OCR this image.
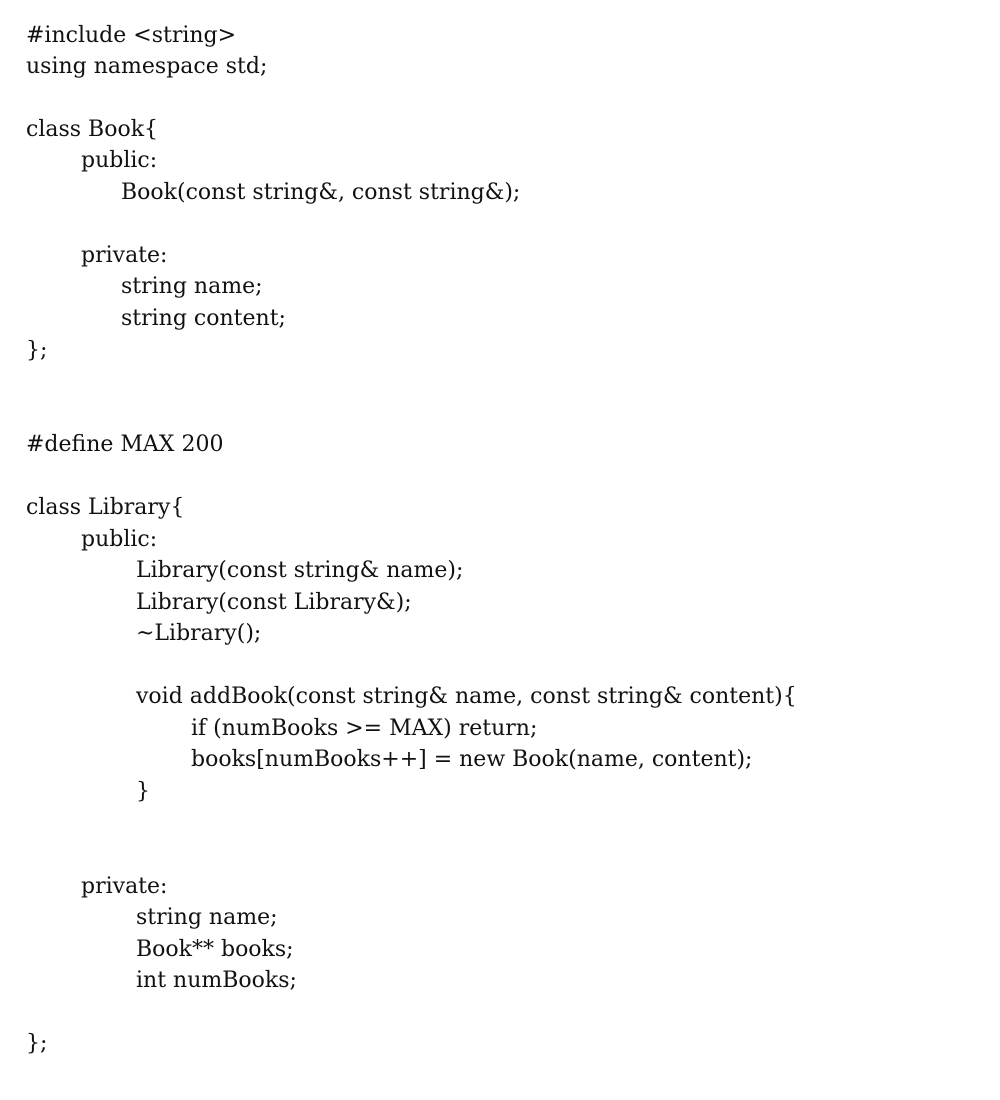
#include <string>
using namespace std;
class Book{
public:
Book(const string&, const string&);
private:
string name;
string content;
};
#define MAX 200
class Library{
public:
Library(const string& name);
Library(const Library&);
~Library();
void addBook(const string& name, const string& content){
if (numBooks >= MAX) return;
books[numBooks++] = new Book(name, content);
}
private:
string name;
Book** books;
int numBooks;
};
